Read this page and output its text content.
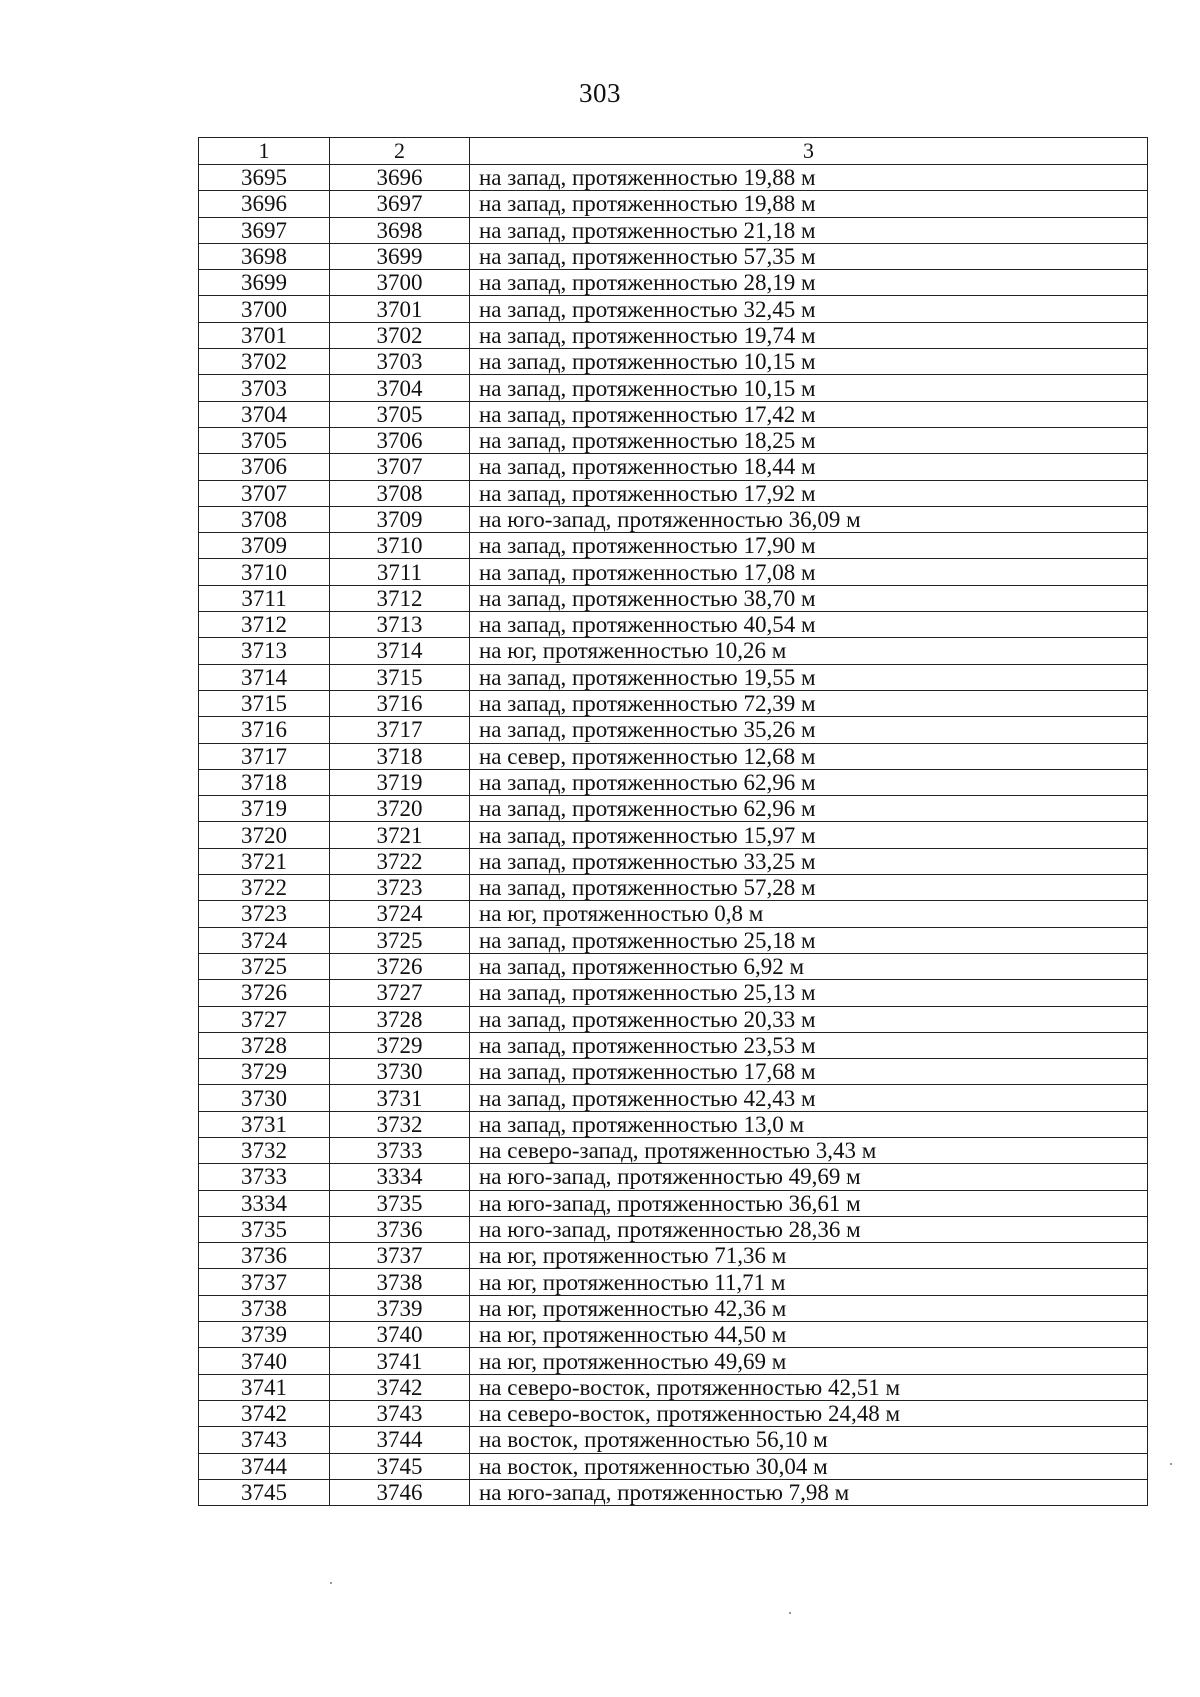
303
1	2	3
3695	3696	на запад, протяженностью 19,88 м
3696	3697	на запад, протяженностью 19,88 м
3697	3698	на запад, протяженностью 21,18 м
3698	3699	на запад, протяженностью 57,35 м
3699	3700	на запад, протяженностью 28,19 м
3700	3701	на запад, протяженностью 32,45 м
3701	3702	на запад, протяженностью 19,74 м
3702	3703	на запад, протяженностью 10,15 м
3703	3704	на запад, протяженностью 10,15 м
3704	3705	на запад, протяженностью 17,42 м
3705	3706	на запад, протяженностью 18,25 м
3706	3707	на запад, протяженностью 18,44 м
3707	3708	на запад, протяженностью 17,92 м
3708	3709	на юго-запад, протяженностью 36,09 м
3709	3710	на запад, протяженностью 17,90 м
3710	3711	на запад, протяженностью 17,08 м
3711	3712	на запад, протяженностью 38,70 м
3712	3713	на запад, протяженностью 40,54 м
3713	3714	на юг, протяженностью 10,26 м
3714	3715	на запад, протяженностью 19,55 м
3715	3716	на запад, протяженностью 72,39 м
3716	3717	на запад, протяженностью 35,26 м
3717	3718	на север, протяженностью 12,68 м
3718	3719	на запад, протяженностью 62,96 м
3719	3720	на запад, протяженностью 62,96 м
3720	3721	на запад, протяженностью 15,97 м
3721	3722	на запад, протяженностью 33,25 м
3722	3723	на запад, протяженностью 57,28 м
3723	3724	на юг, протяженностью 0,8 м
3724	3725	на запад, протяженностью 25,18 м
3725	3726	на запад, протяженностью 6,92 м
3726	3727	на запад, протяженностью 25,13 м
3727	3728	на запад, протяженностью 20,33 м
3728	3729	на запад, протяженностью 23,53 м
3729	3730	на запад, протяженностью 17,68 м
3730	3731	на запад, протяженностью 42,43 м
3731	3732	на запад, протяженностью 13,0 м
3732	3733	на северо-запад, протяженностью 3,43 м
3733	3334	на юго-запад, протяженностью 49,69 м
3334	3735	на юго-запад, протяженностью 36,61 м
3735	3736	на юго-запад, протяженностью 28,36 м
3736	3737	на юг, протяженностью 71,36 м
3737	3738	на юг, протяженностью 11,71 м
3738	3739	на юг, протяженностью 42,36 м
3739	3740	на юг, протяженностью 44,50 м
3740	3741	на юг, протяженностью 49,69 м
3741	3742	на северо-восток, протяженностью 42,51 м
3742	3743	на северо-восток, протяженностью 24,48 м
3743	3744	на восток, протяженностью 56,10 м
3744	3745	на восток, протяженностью 30,04 м
3745	3746	на юго-запад, протяженностью 7,98 м
